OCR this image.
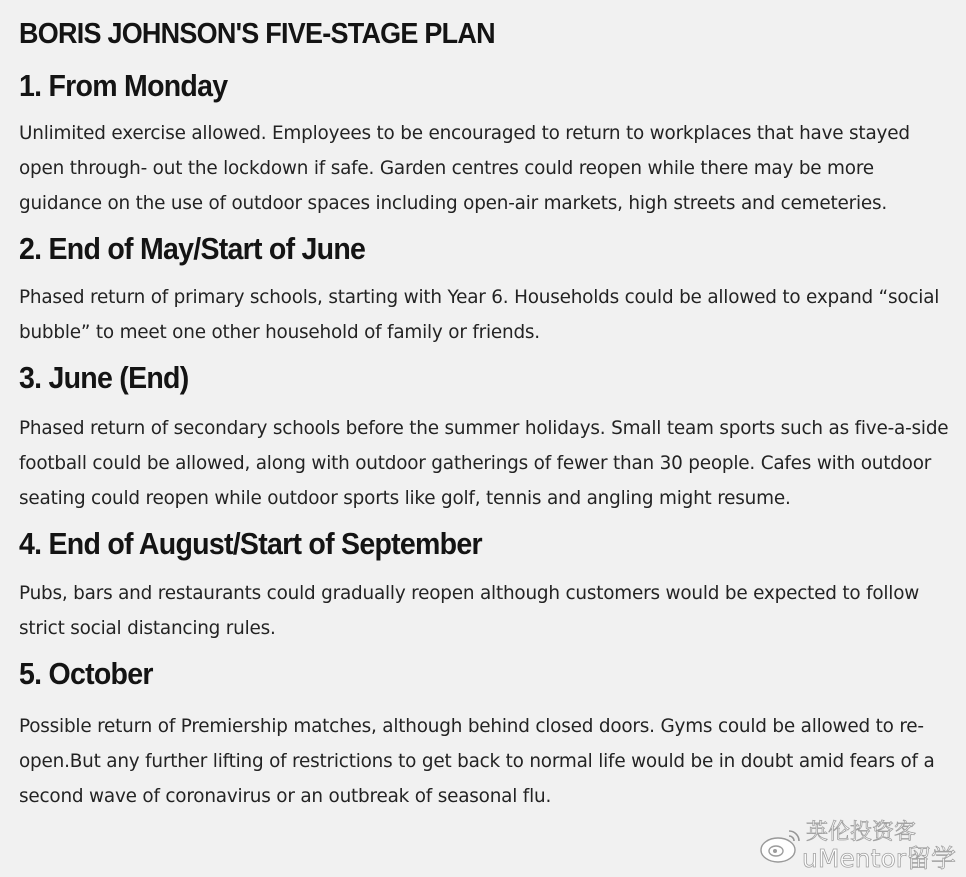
BORIS JOHNSON'S FIVE-STAGE PLAN
1. From Monday

Unlimited exercise allowed. Employees to be encouraged to return to workplaces that have stayed open through- out the lockdown if safe. Garden centres could reopen while there may be more guidance on the use of outdoor spaces including open-air markets, high streets and cemeteries.

2. End of May/Start of June

Phased return of primary schools, starting with Year 6. Households could be allowed to expand “social bubble” to meet one other household of family or friends.

3. June (End)

Phased return of secondary schools before the summer holidays. Small team sports such as five-a-side football could be allowed, along with outdoor gatherings of fewer than 30 people. Cafes with outdoor seating could reopen while outdoor sports like golf, tennis and angling might resume.

4. End of August/Start of September

Pubs, bars and restaurants could gradually reopen although customers would be expected to follow strict social distancing rules.

5. October

Possible return of Premiership matches, although behind closed doors. Gyms could be allowed to re-open.But any further lifting of restrictions to get back to normal life would be in doubt amid fears of a second wave of coronavirus or an outbreak of seasonal flu.

英伦投资客
uMentor留学
